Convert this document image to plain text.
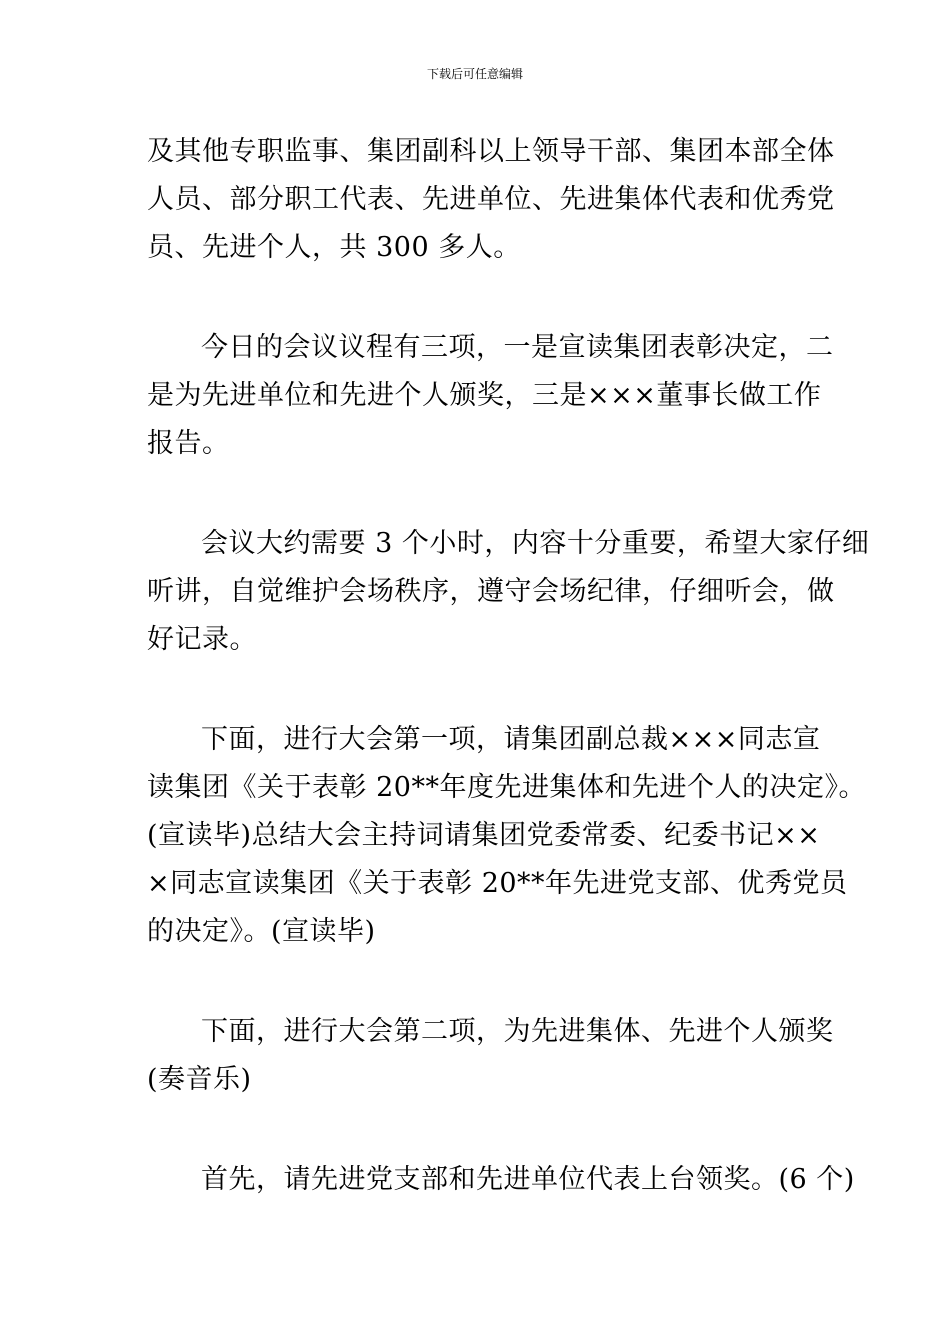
下载后可任意编辑

及其他专职监事、集团副科以上领导干部、集团本部全体
人员、部分职工代表、先进单位、先进集体代表和优秀党
员、先进个人，共 300 多人。

今日的会议议程有三项，一是宣读集团表彰决定，二
是为先进单位和先进个人颁奖，三是×××董事长做工作
报告。

会议大约需要 3 个小时，内容十分重要，希望大家仔细
听讲，自觉维护会场秩序，遵守会场纪律，仔细听会，做
好记录。

下面，进行大会第一项，请集团副总裁×××同志宣
读集团《关于表彰 20**年度先进集体和先进个人的决定》。
(宣读毕)总结大会主持词请集团党委常委、纪委书记××
×同志宣读集团《关于表彰 20**年先进党支部、优秀党员
的决定》。(宣读毕)

下面，进行大会第二项，为先进集体、先进个人颁奖
(奏音乐)

首先，请先进党支部和先进单位代表上台领奖。(6 个)
